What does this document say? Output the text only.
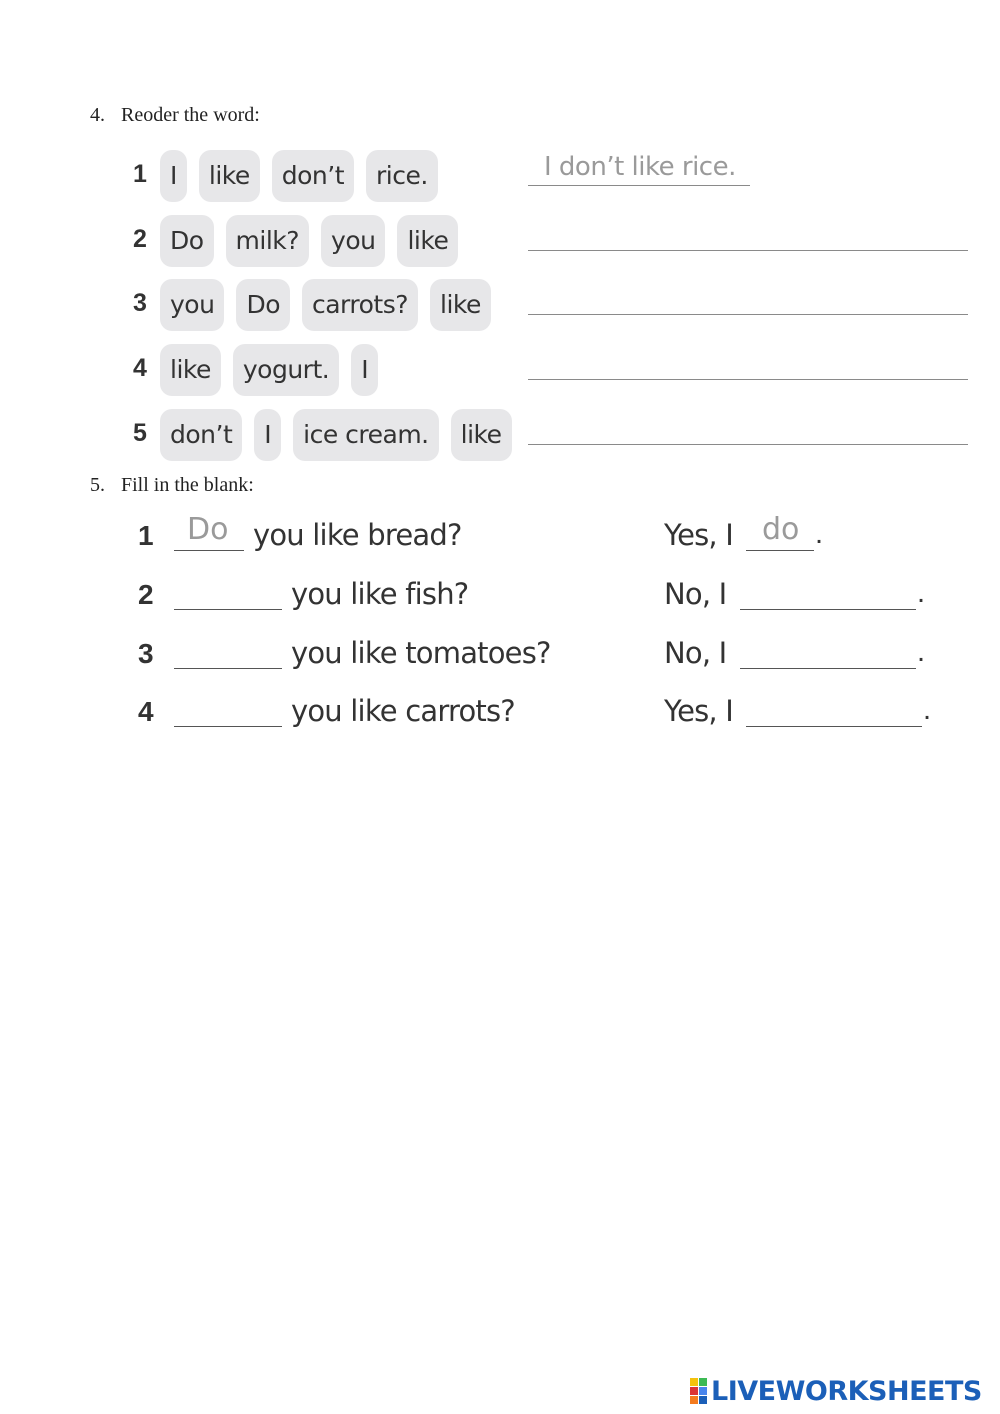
4. Reoder the word:
1 I	like	don’t	rice.	I don’t like rice.
2 Do	milk?	you	like
3 you	Do	carrots?	like
4 like	yogurt.	I
5 don’t	I	ice cream.	like
5. Fill in the blank:
1 Do you like bread?	Yes, I do .
2	you like fish?	No, I	.
3	you like tomatoes?	No, I	.
4	you like carrots?	Yes, I	.
LIVEWORKSHEETS
